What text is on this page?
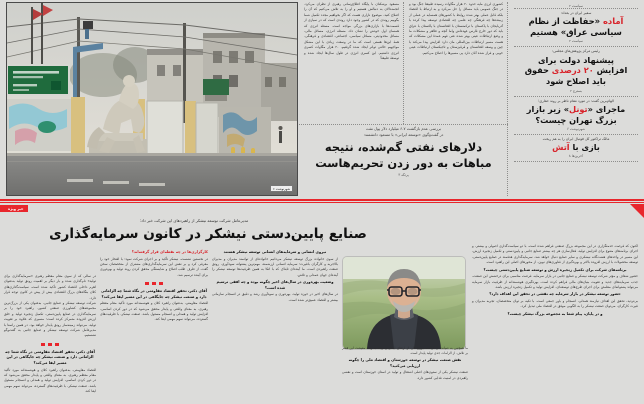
سیاست ۲
سفیر ایران در بغداد:
آماده «حفاظت از نظام سیاسی عراق» هستیم
سیاست ۲
رئیس مرکز پژوهش‌های مجلس:
پیشنهاد دولت برای
افزایش ۲۰ درصدی حقوق
باید اصلاح شود
بسترج ۲
الهام‌برین گفت: در مورد مقام ناظر بر روند حفاری؛
ماجرای «تونل» زیر بازار
بزرگ تهران چیست؟
شهرنوشت ۶
مالک تراکتور کل فوتبال ایران را به هم ریخت
بازی با آتش
آخرین‌ها ۸
کشوری لرزی مایه حدود ۲۰ هزار مگاوات رسیده طبیعتا جنگ بود و در جنگ عمومی باید مسائل را حل می‌کرد و به ارتباط با اقتصاد بلکه قابل عملی بهتر شده روابط با کشورهای همسایه در عملی از زیبنده‌ها چه فرهنگی چه علمی چه اقتصادی توسعه پیدا کرده با آذربایجان با پاکستان با ترکمنستان با افغانستان با پاکستان با عراق باید که دور خارج قارس عهده‌اش واما آنچه و ظاهر و مشکلات ما و وضع ارتباطات عینی بهتر شده عنی فهم عمدهٔ این مشکلات که هست مسیر ارتباطات بین‌المللی مان دارد افزایش پیدا می‌کند با چین و وسعه افغانستان و قرقیزستان و تاجیکستان ارتباطات عینی خوبی و فراز شده آنان دارد پی مسیرها را اصلاح می‌کنیم.
مسعود برشکنان با پایگاه اطلاع‌رسانی رهبری از نظران می‌کرد. انجمه‌دالان به دنبالش هستیم و او را به تلاش می‌کنیم که آن را اصلاح کنید. موضوع ناراری هست که اگر بخواهیم مجدد تکمیل شما بگوییم روندی که در کشور وجود دارد روندی است که در سیازی از قسمت‌ها با بازاری‌های بزرگی مواجه است. مسئله انرژی که همسان اول خودش را نشان داد. مسئله انرژی، مسائل مالی، مسائل محدودیتی، مسائل سیاسی، اجتماعی، اقتصادی و فرهنگی. همهٔ این‌ها هستی است که ما در وسعت زیادی با این مشکل مواجهیم حالتی توانر ایجاد شده گرفتیم. ۲۰ هزار مگاوات کسری انرژی داشتیم. این کسری انرژی در طول سال‌ها ایجاد شده و توسعهٔ طبیعتاً
بررسی عدم بازگشت ۶.۷ میلیارد دلار پول نفت
در گفت‌وگوی «توسعه ایرانی» با مسعود دانشمند:
دلارهای نفتی گم‌شده، نتیجه مباهات به دور زدن تحریم‌هاست
پرتگه ۳
شهرنوشت ۶
خبر ویژه
مدیرعامل شرکت توسعه نیشکر از راهبردهای این شرکت خبر داد:
صنایع پایین‌دستی نیشکر در کانون سرمایه‌گذاری
اکنون که فرصت خدمتگزاری در این مجموعه بزرگ صنعتی فراهم شده است، با دو سیاست‌گذاری اصولی و بیشتر، و اجرای برنامه‌های متنوع برای افزایش تولید، فعال‌سازی هر چه بیشتر صنایع جانبی و پایین‌دستی و تکمیل زنجیره ارزش، این مسیر در واحدهای هشت‌گانه نیشکری و سایر صنایع دنبال خواهد شد. سرمایه‌گذاری هدفمند در صنایع پایین‌دستی، توسعه محصولات با ارزش افزوده بالاتر و بهره‌گیری از فناوری‌های نوین، از محورهای اصلی این راهبرد است.
برنامه‌های شرکت برای تکمیل زنجیره ارزش و توسعه صنایع پایین‌دستی چیست؟
حضور شفاف و مؤثر شرکت توسعه نیشکر و صنایع جانبی در بازار سرمایه، فرصت مناسبی برای درخشش این صنعت، جذب سرمایه‌های جدید و تقویت بنیان‌های مالی فراهم کرده است. بهره‌گیری هوشمندانه از ظرفیت بازار سرمایه می‌تواند پشتوانه‌ای مطمئن برای اجرای طرح‌های توسعه‌ای، افزایش تولید و تکمیل زنجیره ارزش باشد.
حضور توسعه نیشکر در بازار سرمایه چه نقشی در تحقق این اهداف دارد؟
بی‌تردید، تحقق این اهداف نیازمند همدلی، انسجام و باور جمعی است. با تکیه بر توان متخصصان، تجربه مدیران و غیرت کارگران، می‌توان صنعت نیشکر را به الگویی موفق در اقتصاد ملی تبدیل کرد.
و در پایان، پیام شما به مجموعه بزرگ نیشکر چیست؟
ما همچنین به صیانت از کرامت نیروی کار، از ارتقای ایمنی و توجه به رفاه معیشت این قشر بر تلاش، از الزامات جدی تولید پایدار است.
نقش صنعت نیشکر در توسعه خوزستان و اقتصاد ملی را چگونه ارزیابی می‌کنید؟
صنعت نیشکر یکی از ستون‌های اصلی اشتغال و تولید در استان خوزستان است و نقشی راهبردی در امنیت غذایی کشور دارد.
نیروی انسانی و سرمایه‌های انسانی توسعه نیشکر هستند
از سوی خانواده بزرگ توسعه نیشکر می‌دانیم خانواده‌ای از توانمند مدیران و مدیران بالاجربه و کارگران باغیرت؛ سرمایه انسانی ارزشمند، مهم‌ترین پشتوانه سودآوری، رونق صنعت راهبردی است. ما آینده‌ای تابناک که با اتکا به همین ظرفیت‌ها توسعه نیشکر را آینده‌ای جهان عمدلی و تلاش.
وضعیت بهره‌وری در سال‌های اخیر چگونه بوده و چه افقی ترسیم شده است؟
در سال‌های اخیر در حوزه تولید، بهره‌وری و سودآوری رشد و دقیق در انسجام سازمانی بیشتر و اقتصاد عمیق‌تر شده است.
کارگزاری‌ها در چه نقطه‌ای قرار گرفته‌اند؟
در نخستین نشست، نیشکر تأکید و بر اجرای شرکت نمود؛ با افتخار خود را معرفی کرد و بر نقش این سرمایه‌گذاری‌های مشترک از متخصصان سخن گفت. از طرف طلب اصلاح و شایستگی محقق کردن روند تولید و بهره‌وری برای آینده ترسیم شد.
آقای دکتر، تحقق اقتصاد مقاومتی در نگاه شما چه الزاماتی دارد و صنعت نیشکر چه جایگاهی در این مسیر ایفا می‌کند؟
اقتصاد مقاومتی، به‌عنوان راهبرد کلان و هوشمندانه مورد تأکید مقام معظم رهبری، به معنای واقعی و پایدار محقق می‌شود که در دور کردن اساسی، افزایش تولید و همدلی و انسجام مسئول باشد. صنعت نیشکر، با ظرفیت‌های گسترده، می‌تواند سهم مهمی ایفا کند.
در سالی که از سوی مقام معظم رهبری «سرمایه‌گذاری برای تولید» نام‌گذاری شده و بار دیگر بر اهمیت رونق تولید به‌عنوان اهرم داخلی اقتصاد کشور تأکید شده است، سیاست‌گذاری‌های کلان بنگاه‌های بزرگ اقتصادی بیش از پیش در کانون توجه قرار دارد.
شرکت توسعه نیشکر و صنایع جانبی، به‌عنوان یکی از بزرگ‌ترین مجموعه‌های کشاورزی صنعتی کشور، راهبرد خود را بر سرمایه‌گذاری در صنایع پایین‌دستی، تکمیل زنجیره تولید و خلق ارزش افزوده متمرکز کرده است؛ مسیری که علاوه بر تقویت تولید، می‌تواند زمینه‌ساز رونق پایدار خواهد بود. در همین راستا با مدیرعامل شرکت توسعه نیشکر و صنایع جانبی به گفت‌وگو نشستیم.
آقای دکتر، تحقق اقتصاد مقاومتی در نگاه شما چه الزاماتی دارد و صنعت نیشکر چه جایگاهی در این مسیر ایفا می‌کند؟
اقتصاد مقاومتی، به‌عنوان راهبرد کلان و هوشمندانه مورد تأکید مقام معظم رهبری، به معنای واقعی و پایدار محقق می‌شود که در دور کردن اساسی، افزایش تولید و همدلی و انسجام مسئول باشد. صنعت نیشکر، با ظرفیت‌های گسترده، می‌تواند سهم مهمی ایفا کند.
